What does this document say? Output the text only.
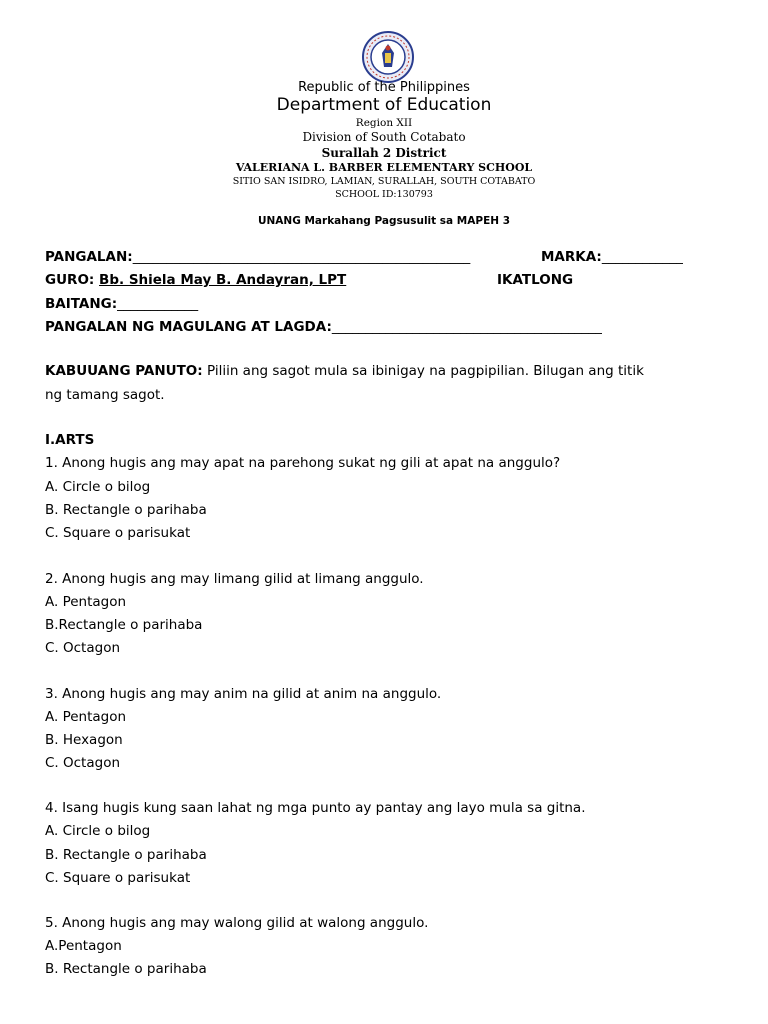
Republic of the Philippines
Department of Education
Region XII
Division of South Cotabato
Surallah 2 District
VALERIANA L. BARBER ELEMENTARY SCHOOL
SITIO SAN ISIDRO, LAMIAN, SURALLAH, SOUTH COTABATO
SCHOOL ID:130793
UNANG Markahang Pagsusulit sa MAPEH 3
PANGALAN:__________________________________________________	MARKA:____________
GURO: Bb. Shiela May B. Andayran, LPT	IKATLONG
BAITANG:____________
PANGALAN NG MAGULANG AT LAGDA:________________________________________
KABUUANG PANUTO: Piliin ang sagot mula sa ibinigay na pagpipilian. Bilugan ang titik
ng tamang sagot.
I.ARTS
1. Anong hugis ang may apat na parehong sukat ng gili at apat na anggulo?
A. Circle o bilog
B. Rectangle o parihaba
C. Square o parisukat
2. Anong hugis ang may limang gilid at limang anggulo.
A. Pentagon
B.Rectangle o parihaba
C. Octagon
3. Anong hugis ang may anim na gilid at anim na anggulo.
A. Pentagon
B. Hexagon
C. Octagon
4. Isang hugis kung saan lahat ng mga punto ay pantay ang layo mula sa gitna.
A. Circle o bilog
B. Rectangle o parihaba
C. Square o parisukat
5. Anong hugis ang may walong gilid at walong anggulo.
A.Pentagon
B. Rectangle o parihaba
